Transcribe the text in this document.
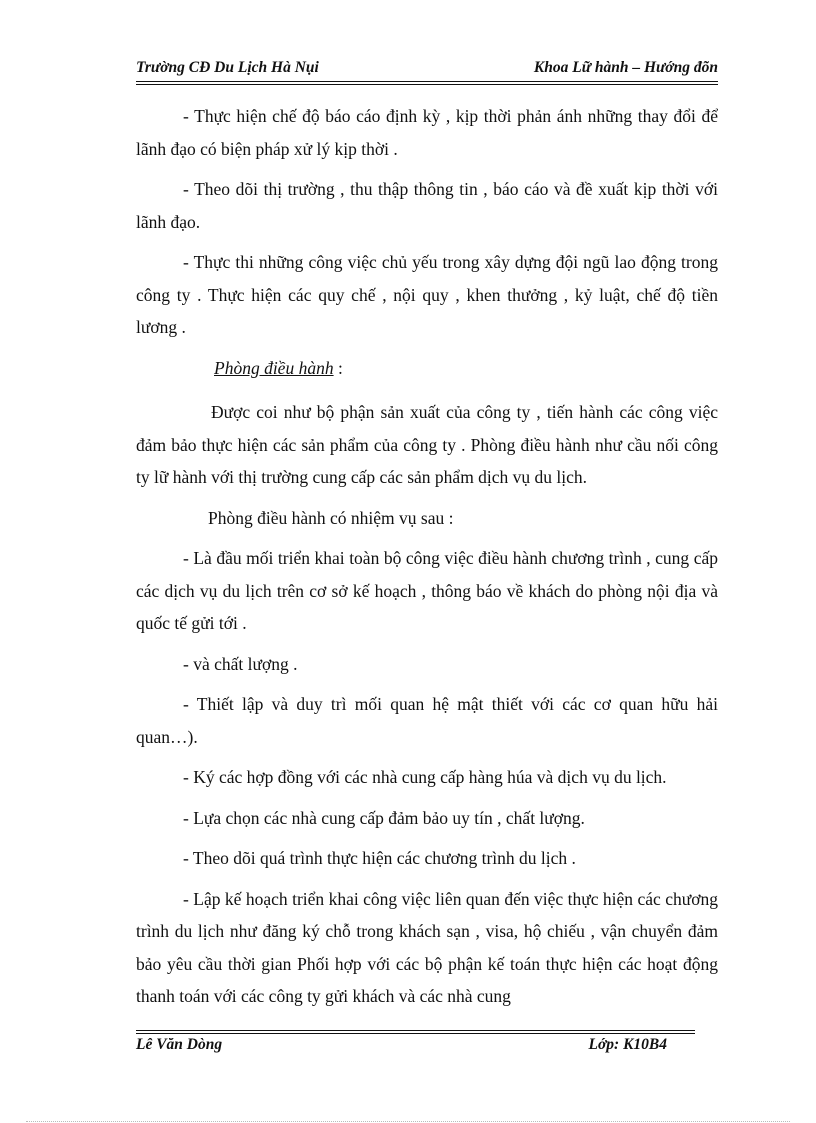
Trường CĐ Du Lịch Hà Nụi	Khoa Lữ hành – Hướng đõn

- Thực hiện chế độ báo cáo định kỳ , kịp thời phản ánh những thay đổi để lãnh đạo có biện pháp xử lý kịp thời .

- Theo dõi thị trường , thu thập thông tin , báo cáo và đề xuất kịp thời với lãnh đạo.

- Thực thi những công việc chủ yếu trong xây dựng đội ngũ lao động trong công ty . Thực hiện các quy chế , nội quy , khen thưởng , kỷ luật, chế độ tiền lương .

Phòng điều hành :

Được coi như bộ phận sản xuất của công ty , tiến hành các công việc đảm bảo thực hiện các sản phẩm của công ty . Phòng điều hành như cầu nối công ty lữ hành với thị trường cung cấp các sản phẩm dịch vụ du lịch.

Phòng điều hành có nhiệm vụ sau :

- Là đầu mối triển khai toàn bộ công việc điều hành chương trình , cung cấp các dịch vụ du lịch trên cơ sở kế hoạch , thông báo về khách do phòng nội địa và quốc tế gửi tới .

- và chất lượng .

- Thiết lập và duy trì mối quan hệ mật thiết với các cơ quan hữu hải quan…).

- Ký các hợp đồng với các nhà cung cấp hàng húa và dịch vụ du lịch.

- Lựa chọn các nhà cung cấp đảm bảo uy tín , chất lượng.

- Theo dõi quá trình thực hiện các chương trình du lịch .

- Lập kế hoạch triển khai công việc liên quan đến việc thực hiện các chương trình du lịch như đăng ký chỗ trong khách sạn , visa, hộ chiếu , vận chuyển đảm bảo yêu cầu thời gian Phối hợp với các bộ phận kế toán thực hiện các hoạt động thanh toán với các công ty gửi khách và các nhà cung

Lê Văn Dòng	Lớp: K10B4
